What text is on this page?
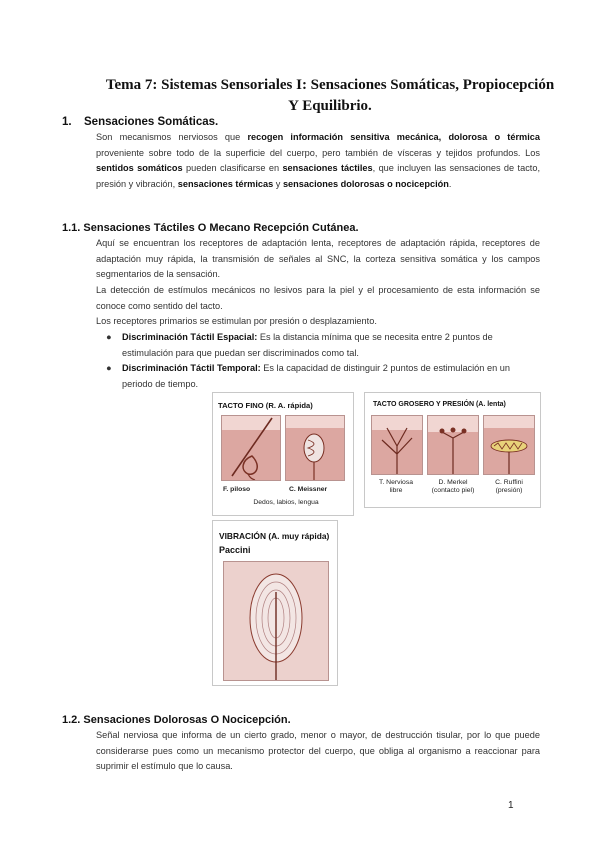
Tema 7: Sistemas Sensoriales I: Sensaciones Somáticas, Propiocepción
Y Equilibrio.
1. Sensaciones Somáticas.
Son mecanismos nerviosos que recogen información sensitiva mecánica, dolorosa o térmica proveniente sobre todo de la superficie del cuerpo, pero también de vísceras y tejidos profundos. Los sentidos somáticos pueden clasificarse en sensaciones táctiles, que incluyen las sensaciones de tacto, presión y vibración, sensaciones térmicas y sensaciones dolorosas o nocicepción.
1.1. Sensaciones Táctiles O Mecano Recepción Cutánea.
Aquí se encuentran los receptores de adaptación lenta, receptores de adaptación rápida, receptores de adaptación muy rápida, la transmisión de señales al SNC, la corteza sensitiva somática y los campos segmentarios de la sensación.
La detección de estímulos mecánicos no lesivos para la piel y el procesamiento de esta información se conoce como sentido del tacto.
Los receptores primarios se estimulan por presión o desplazamiento.
● Discriminación Táctil Espacial: Es la distancia mínima que se necesita entre 2 puntos de estimulación para que puedan ser discriminados como tal.
● Discriminación Táctil Temporal: Es la capacidad de distinguir 2 puntos de estimulación en un periodo de tiempo.
TACTO FINO (R. A. rápida)
F. piloso	C. Meissner
Dedos, labios, lengua
TACTO GROSERO Y PRESIÓN (A. lenta)
T. Nerviosa
libre
D. Merkel
(contacto piel)
C. Ruffini
(presión)
VIBRACIÓN (A. muy rápida)
Paccini
1.2. Sensaciones Dolorosas O Nocicepción.
Señal nerviosa que informa de un cierto grado, menor o mayor, de destrucción tisular, por lo que puede considerarse pues como un mecanismo protector del cuerpo, que obliga al organismo a reaccionar para suprimir el estímulo que lo causa.
1
